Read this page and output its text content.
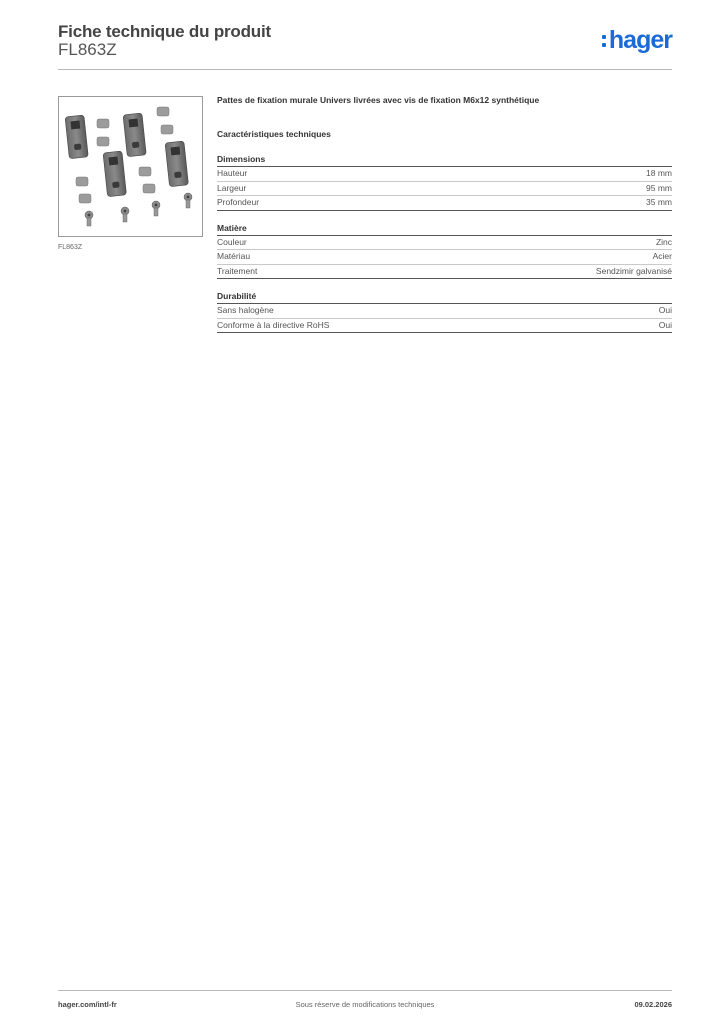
Fiche technique du produit
FL863Z	hager
FL863Z
Pattes de fixation murale Univers livrées avec vis de fixation M6x12 synthétique
Caractéristiques techniques
Dimensions
Hauteur	18 mm
Largeur	95 mm
Profondeur	35 mm
Matière
Couleur	Zinc
Matériau	Acier
Traitement	Sendzimir galvanisé
Durabilité
Sans halogène	Oui
Conforme à la directive RoHS	Oui
hager.com/intl-fr	Sous réserve de modifications techniques	09.02.2026
